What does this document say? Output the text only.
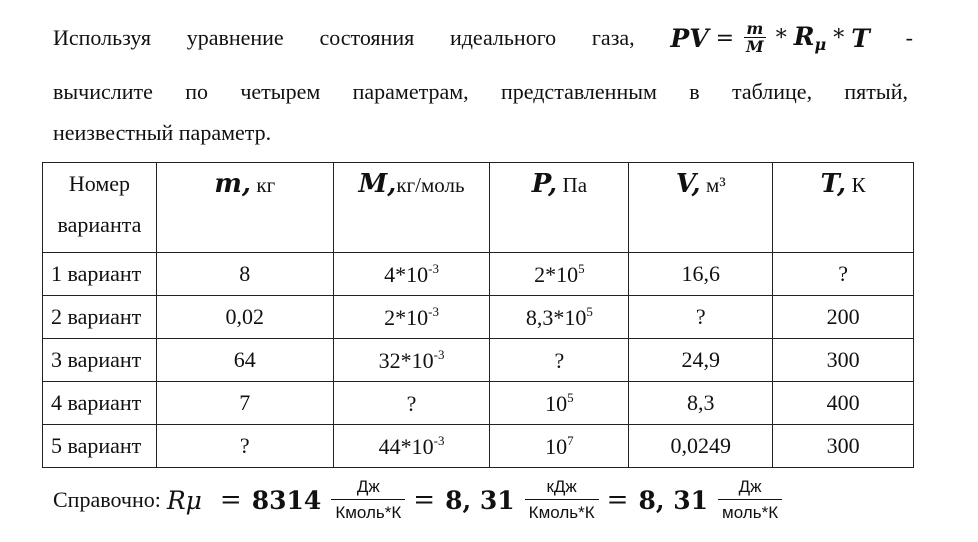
Используя уравнение состояния идеального газа, PV = $\frac{m}{M} * R_\mu$ * T -
вычислите по четырем параметрам, представленным в таблице, пятый,
неизвестный параметр.
Номер
варианта	m, кг	M,кг/моль	P, Па	V, м³	T, К
1 вариант	8	$4*10^{-3}$	$2*10^5$	16,6	?
2 вариант	0,02	$2*10^{-3}$	$8,3*10^5$	?	200
3 вариант	64	$32*10^{-3}$	?	24,9	300
4 вариант	7	?	$10^5$	8,3	400
5 вариант	?	$44*10^{-3}$	$10^7$	0,0249	300
Справочно: Rμ = 8314 Дж
Кмоль*К = 8, 31 кДж
Кмоль*К = 8, 31 Дж
моль*К
